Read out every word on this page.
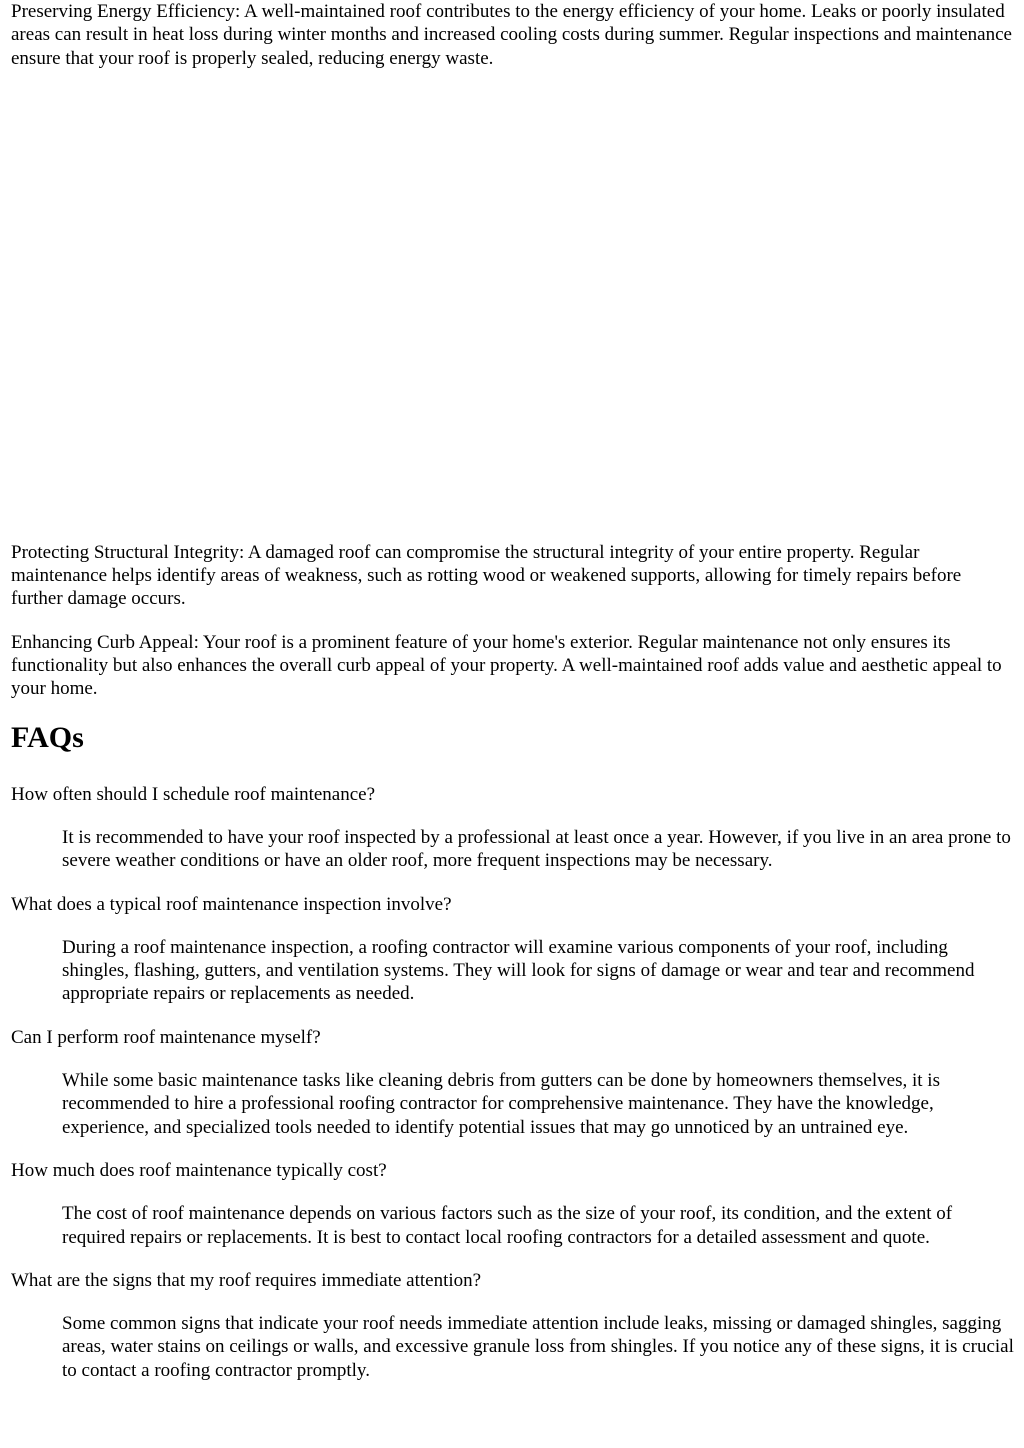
Preserving Energy Efficiency: A well-maintained roof contributes to the energy efficiency of your home. Leaks or poorly insulated areas can result in heat loss during winter months and increased cooling costs during summer. Regular inspections and maintenance ensure that your roof is properly sealed, reducing energy waste.

Protecting Structural Integrity: A damaged roof can compromise the structural integrity of your entire property. Regular maintenance helps identify areas of weakness, such as rotting wood or weakened supports, allowing for timely repairs before further damage occurs.

Enhancing Curb Appeal: Your roof is a prominent feature of your home's exterior. Regular maintenance not only ensures its functionality but also enhances the overall curb appeal of your property. A well-maintained roof adds value and aesthetic appeal to your home.

FAQs

How often should I schedule roof maintenance?

It is recommended to have your roof inspected by a professional at least once a year. However, if you live in an area prone to severe weather conditions or have an older roof, more frequent inspections may be necessary.

What does a typical roof maintenance inspection involve?

During a roof maintenance inspection, a roofing contractor will examine various components of your roof, including shingles, flashing, gutters, and ventilation systems. They will look for signs of damage or wear and tear and recommend appropriate repairs or replacements as needed.

Can I perform roof maintenance myself?

While some basic maintenance tasks like cleaning debris from gutters can be done by homeowners themselves, it is recommended to hire a professional roofing contractor for comprehensive maintenance. They have the knowledge, experience, and specialized tools needed to identify potential issues that may go unnoticed by an untrained eye.

How much does roof maintenance typically cost?

The cost of roof maintenance depends on various factors such as the size of your roof, its condition, and the extent of required repairs or replacements. It is best to contact local roofing contractors for a detailed assessment and quote.

What are the signs that my roof requires immediate attention?

Some common signs that indicate your roof needs immediate attention include leaks, missing or damaged shingles, sagging areas, water stains on ceilings or walls, and excessive granule loss from shingles. If you notice any of these signs, it is crucial to contact a roofing contractor promptly.
